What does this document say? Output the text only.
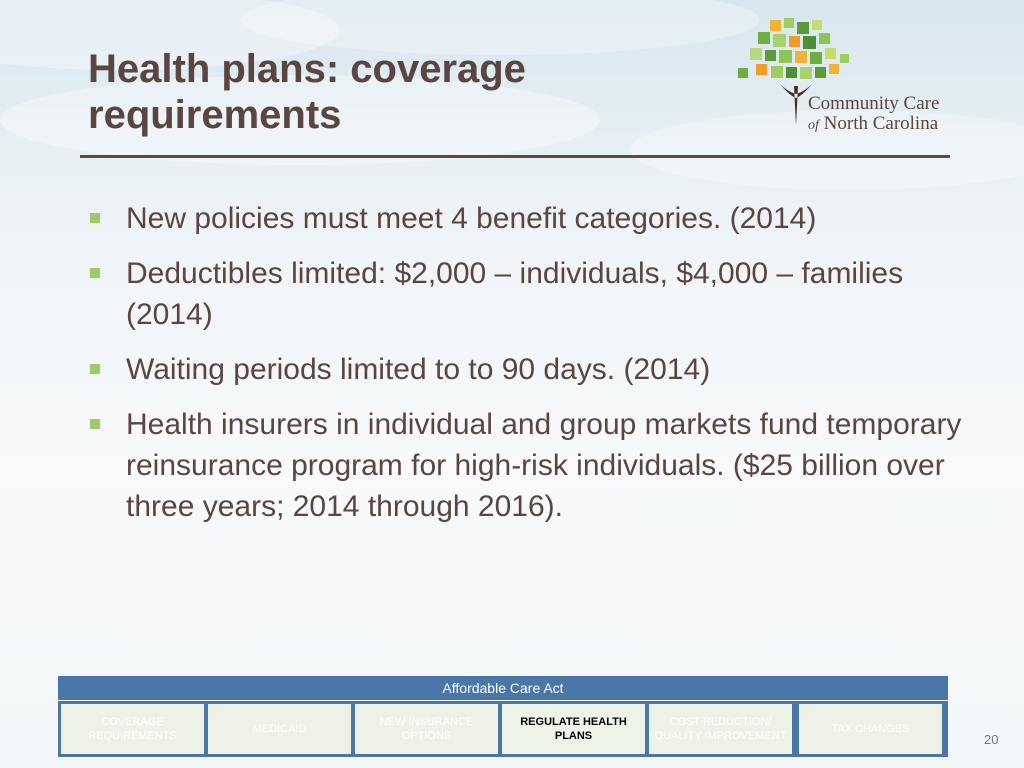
Health plans: coverage requirements	Community Care
of North Carolina
New policies must meet 4 benefit categories. (2014)
Deductibles limited: $2,000 – individuals, $4,000 – families (2014)
Waiting periods limited to to 90 days. (2014)
Health insurers in individual and group markets fund temporary reinsurance program for high-risk individuals. ($25 billion over three years; 2014 through 2016).
Affordable Care Act
COVERAGE REQUIREMENTS
MEDICAID
NEW INSURANCE OPTIONS
REGULATE HEALTH PLANS
COST REDUCTION/ QUALITY IMPROVEMENT
TAX CHANGES
20
